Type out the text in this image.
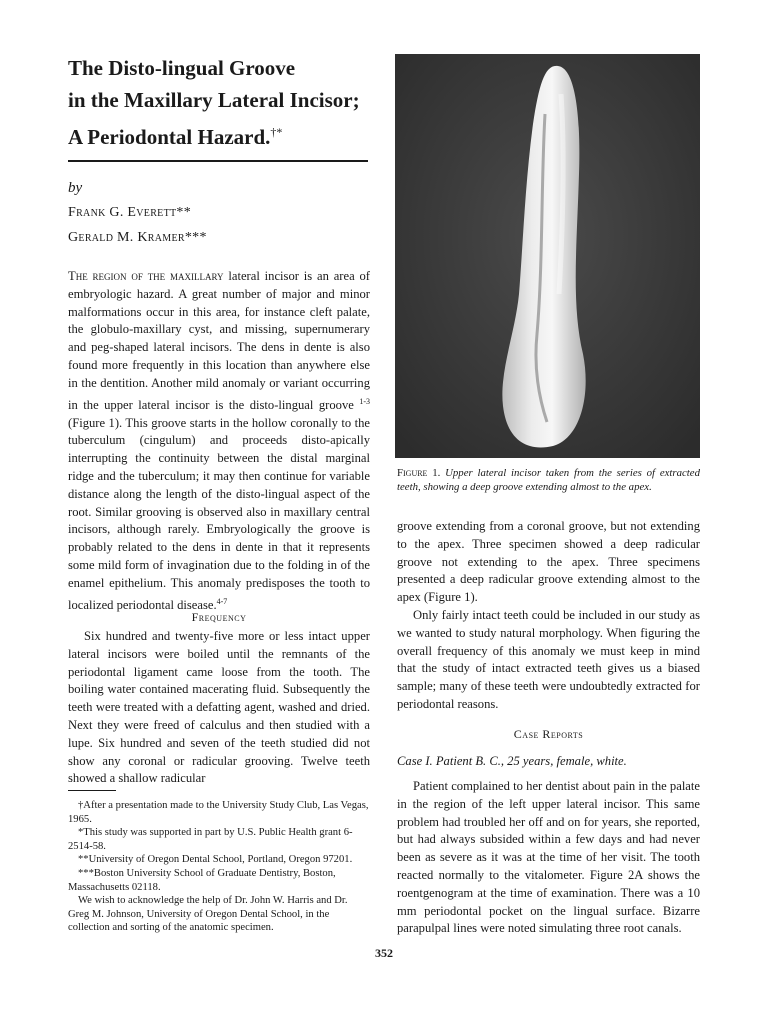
The Disto-lingual Groove
in the Maxillary Lateral Incisor;
A Periodontal Hazard.†*
by
Frank G. Everett**
Gerald M. Kramer***

The region of the maxillary lateral incisor is an area of embryologic hazard. A great number of major and minor malformations occur in this area, for instance cleft palate, the globulo-maxillary cyst, and missing, supernumerary and peg-shaped lateral incisors. The dens in dente is also found more frequently in this location than anywhere else in the dentition. Another mild anomaly or variant occurring in the upper lateral incisor is the disto-lingual groove $^{1-3}$ (Figure 1). This groove starts in the hollow coronally to the tuberculum (cingulum) and proceeds disto-apically interrupting the continuity between the distal marginal ridge and the tuberculum; it may then continue for variable distance along the length of the disto-lingual aspect of the root. Similar grooving is observed also in maxillary central incisors, although rarely. Embryologically the groove is probably related to the dens in dente in that it represents some mild form of invagination due to the folding in of the enamel epithelium. This anomaly predisposes the tooth to localized periodontal disease.$^{4-7}$

Frequency

Six hundred and twenty-five more or less intact upper lateral incisors were boiled until the remnants of the periodontal ligament came loose from the tooth. The boiling water contained macerating fluid. Subsequently the teeth were treated with a defatting agent, washed and dried. Next they were freed of calculus and then studied with a lupe. Six hundred and seven of the teeth studied did not show any coronal or radicular grooving. Twelve teeth showed a shallow radicular

†After a presentation made to the University Study Club, Las Vegas, 1965.

*This study was supported in part by U.S. Public Health grant 6-2514-58.

**University of Oregon Dental School, Portland, Oregon 97201.

***Boston University School of Graduate Dentistry, Boston, Massachusetts 02118.

We wish to acknowledge the help of Dr. John W. Harris and Dr. Greg M. Johnson, University of Oregon Dental School, in the collection and sorting of the anatomic specimen.

Figure 1. Upper lateral incisor taken from the series of extracted teeth, showing a deep groove extending almost to the apex.

groove extending from a coronal groove, but not extending to the apex. Three specimen showed a deep radicular groove not extending to the apex. Three specimens presented a deep radicular groove extending almost to the apex (Figure 1).

Only fairly intact teeth could be included in our study as we wanted to study natural morphology. When figuring the overall frequency of this anomaly we must keep in mind that the study of intact extracted teeth gives us a biased sample; many of these teeth were undoubtedly extracted for periodontal reasons.

Case Reports
Case I. Patient B. C., 25 years, female, white.

Patient complained to her dentist about pain in the palate in the region of the left upper lateral incisor. This same problem had troubled her off and on for years, she reported, but had always subsided within a few days and had never been as severe as it was at the time of her visit. The tooth reacted normally to the vitalometer. Figure 2A shows the roentgenogram at the time of examination. There was a 10 mm periodontal pocket on the lingual surface. Bizarre parapulpal lines were noted simulating three root canals.

352
